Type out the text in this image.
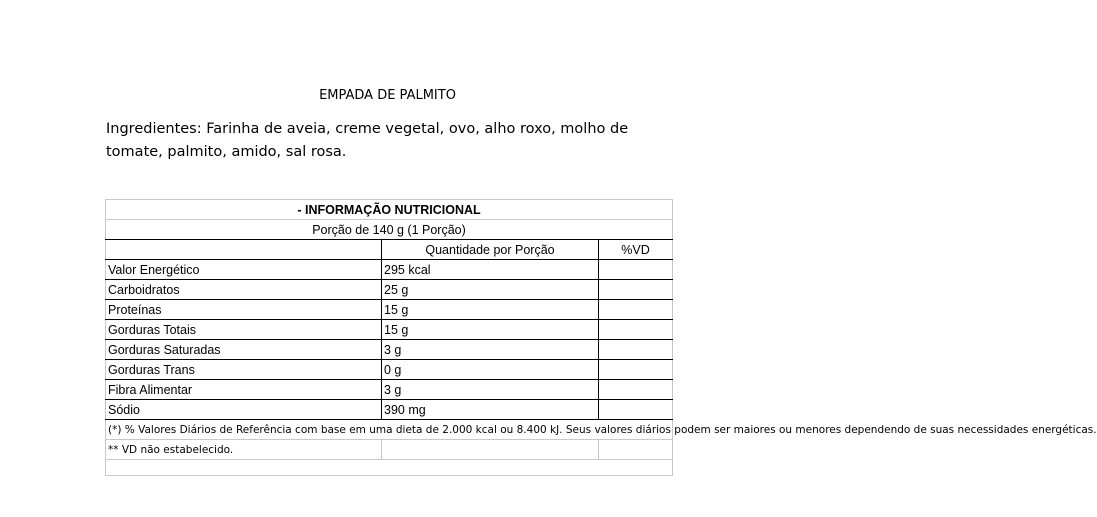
EMPADA DE PALMITO
Ingredientes: Farinha de aveia, creme vegetal, ovo, alho roxo, molho de tomate, palmito, amido, sal rosa.
- INFORMAÇÃO NUTRICIONAL		
Porção de 140 g (1 Porção)		
	Quantidade por Porção	%VD
Valor Energético	295 kcal	
Carboidratos	25 g	
Proteínas	15 g	
Gorduras Totais	15 g	
Gorduras Saturadas	3 g	
Gorduras Trans	0 g	
Fibra Alimentar	3 g	
Sódio	390 mg	
(*) % Valores Diários de Referência com base em uma dieta de 2.000 kcal ou 8.400 kJ. Seus valores diários podem ser maiores ou menores dependendo de suas necessidades energéticas.		
** VD não estabelecido.		
